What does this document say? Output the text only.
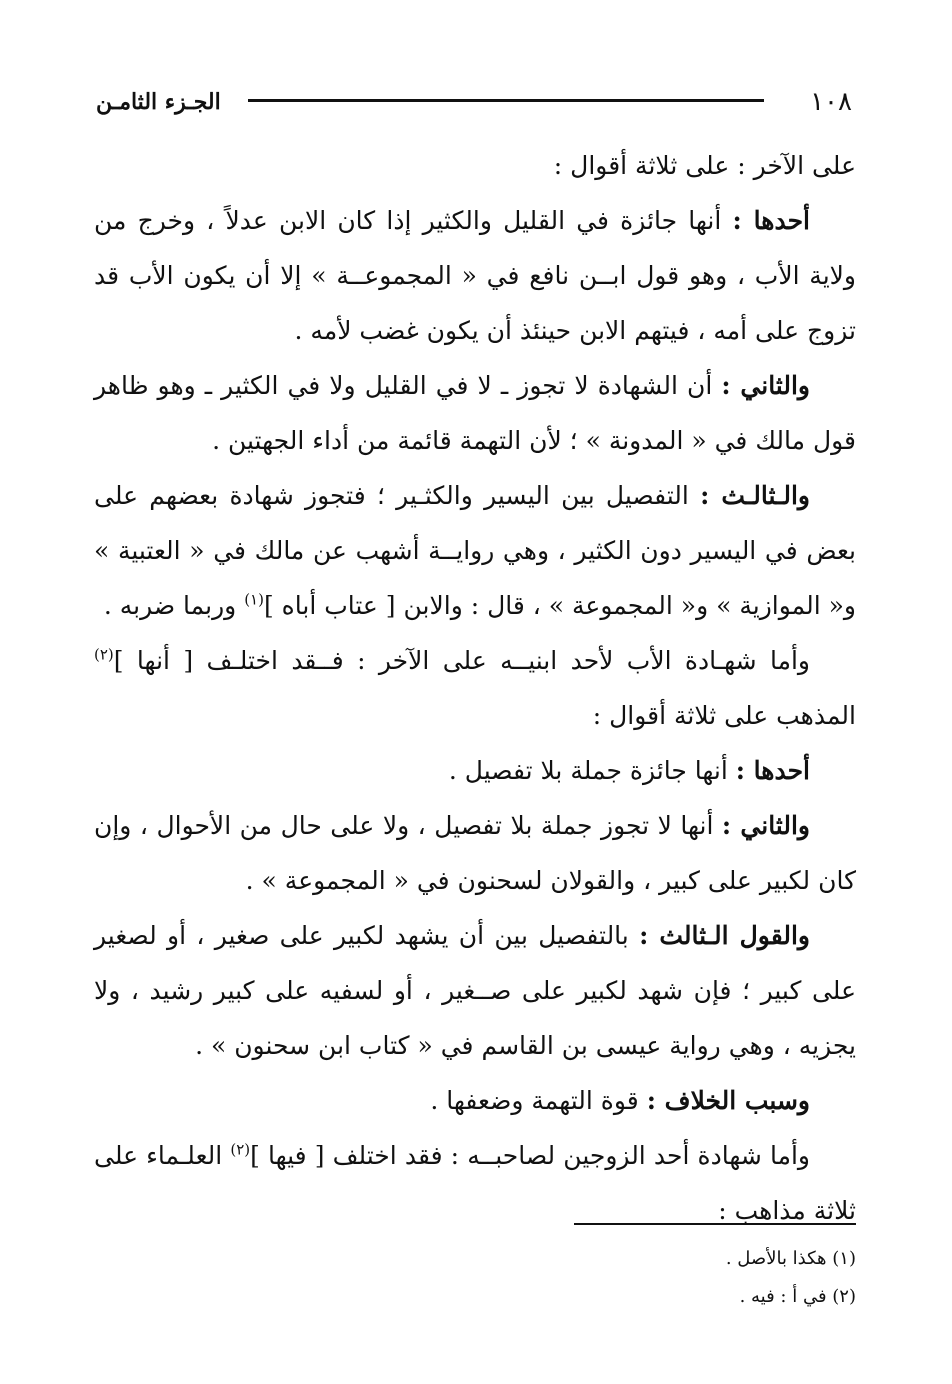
١٠٨
الجـزء الثامـن

على الآخر : على ثلاثة أقوال :

أحدها : أنها جائزة في القليل والكثير إذا كان الابن عدلاً ، وخرج من ولاية الأب ، وهو قول ابــن نافع في « المجموعــة » إلا أن يكون الأب قد تزوج على أمه ، فيتهم الابن حينئذ أن يكون غضب لأمه .

والثاني : أن الشهادة لا تجوز ـ لا في القليل ولا في الكثير ـ وهو ظاهر قول مالك في « المدونة » ؛ لأن التهمة قائمة من أداء الجهتين .

والـثالـث : التفصيل بين اليسير والكثـير ؛ فتجوز شهادة بعضهم على بعض في اليسير دون الكثير ، وهي روايــة أشهب عن مالك في « العتبية » و« الموازية » و« المجموعة » ، قال : والابن [ عتاب أباه ]$^{(١)}$ وربما ضربه .

وأما شهـادة الأب لأحد ابنيــه على الآخر : فــقد اختلـف [ أنها ]$^{(٢)}$ المذهب على ثلاثة أقوال :

أحدها : أنها جائزة جملة بلا تفصيل .

والثاني : أنها لا تجوز جملة بلا تفصيل ، ولا على حال من الأحوال ، وإن كان لكبير على كبير ، والقولان لسحنون في « المجموعة » .

والقول الـثالث : بالتفصيل بين أن يشهد لكبير على صغير ، أو لصغير على كبير ؛ فإن شهد لكبير على صــغير ، أو لسفيه على كبير رشيد ، ولا يجزيه ، وهي رواية عيسى بن القاسم في « كتاب ابن سحنون » .

وسبب الخلاف : قوة التهمة وضعفها .

وأما شهادة أحد الزوجين لصاحبــه : فقد اختلف [ فيها ]$^{(٢)}$ العلـماء على ثلاثة مذاهب :

(١) هكذا بالأصل .

(٢) في أ : فيه .
